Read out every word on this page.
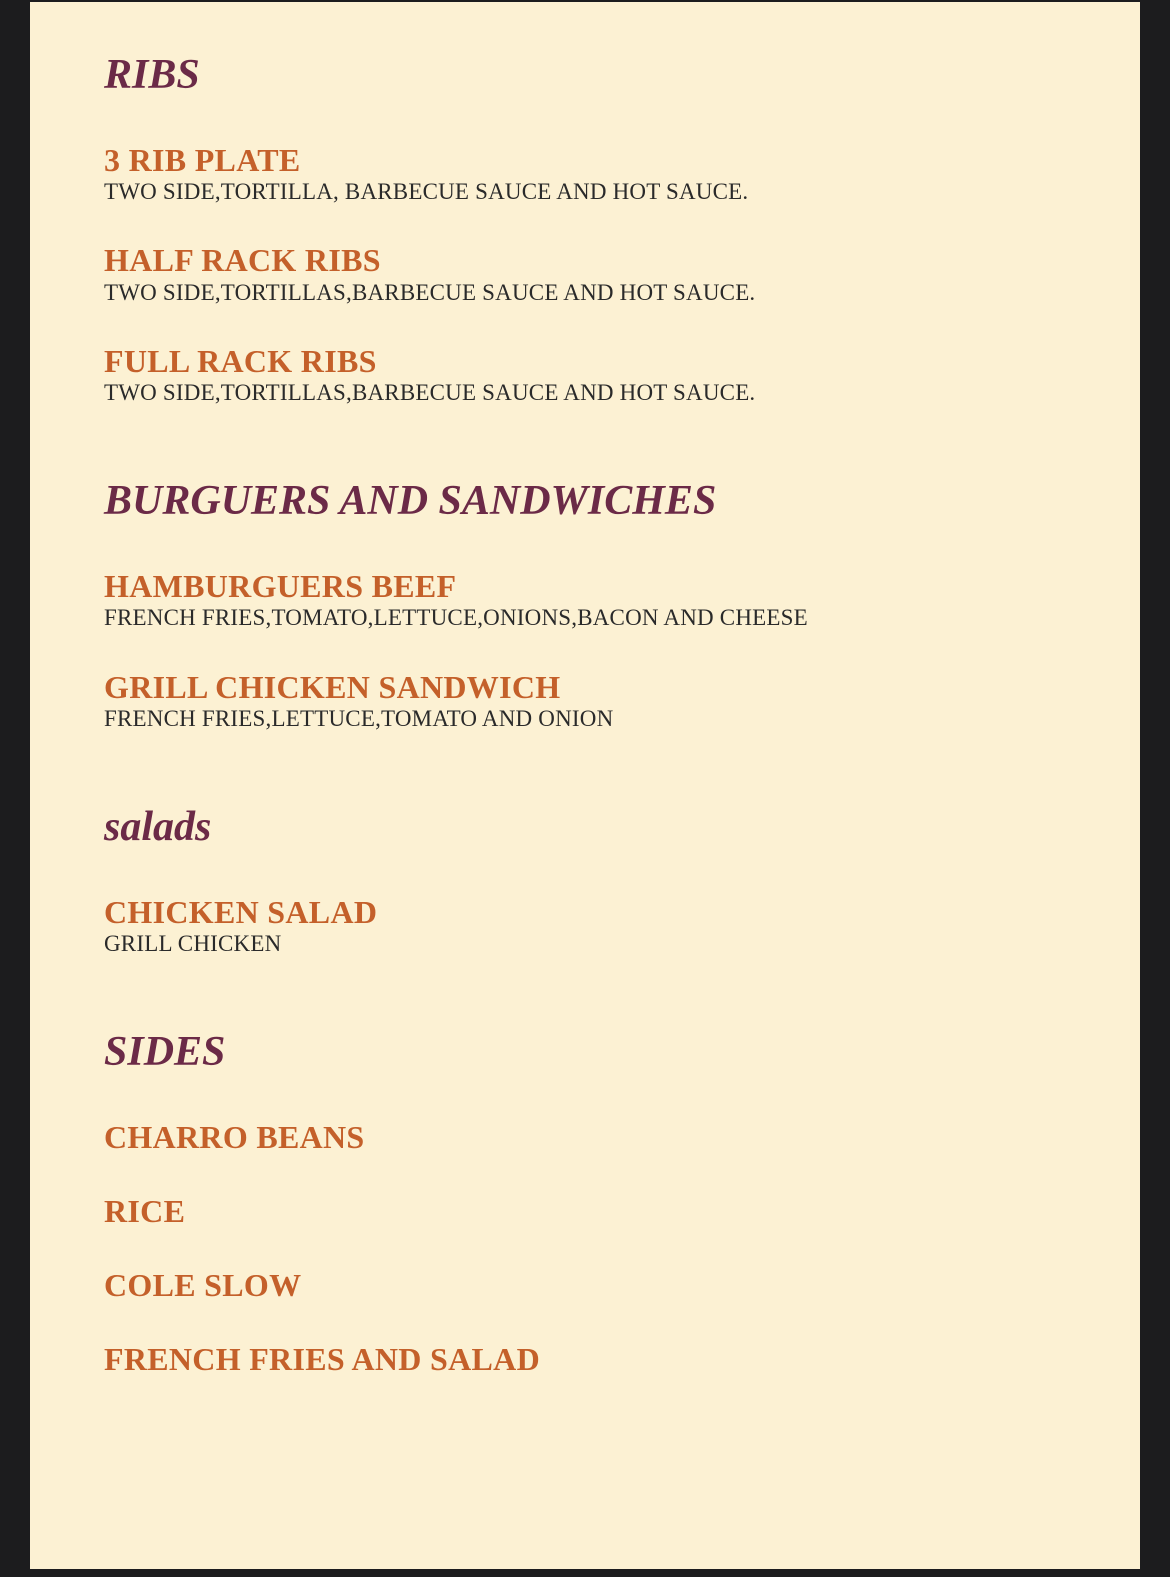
RIBS
3 RIB PLATE
TWO SIDE,TORTILLA, BARBECUE SAUCE AND HOT SAUCE.
HALF RACK RIBS
TWO SIDE,TORTILLAS,BARBECUE SAUCE AND HOT SAUCE.
FULL RACK RIBS
TWO SIDE,TORTILLAS,BARBECUE SAUCE AND HOT SAUCE.
BURGUERS AND SANDWICHES
HAMBURGUERS BEEF
FRENCH FRIES,TOMATO,LETTUCE,ONIONS,BACON AND CHEESE
GRILL CHICKEN SANDWICH
FRENCH FRIES,LETTUCE,TOMATO AND ONION
salads
CHICKEN SALAD
GRILL CHICKEN
SIDES
CHARRO BEANS
RICE
COLE SLOW
FRENCH FRIES AND SALAD
